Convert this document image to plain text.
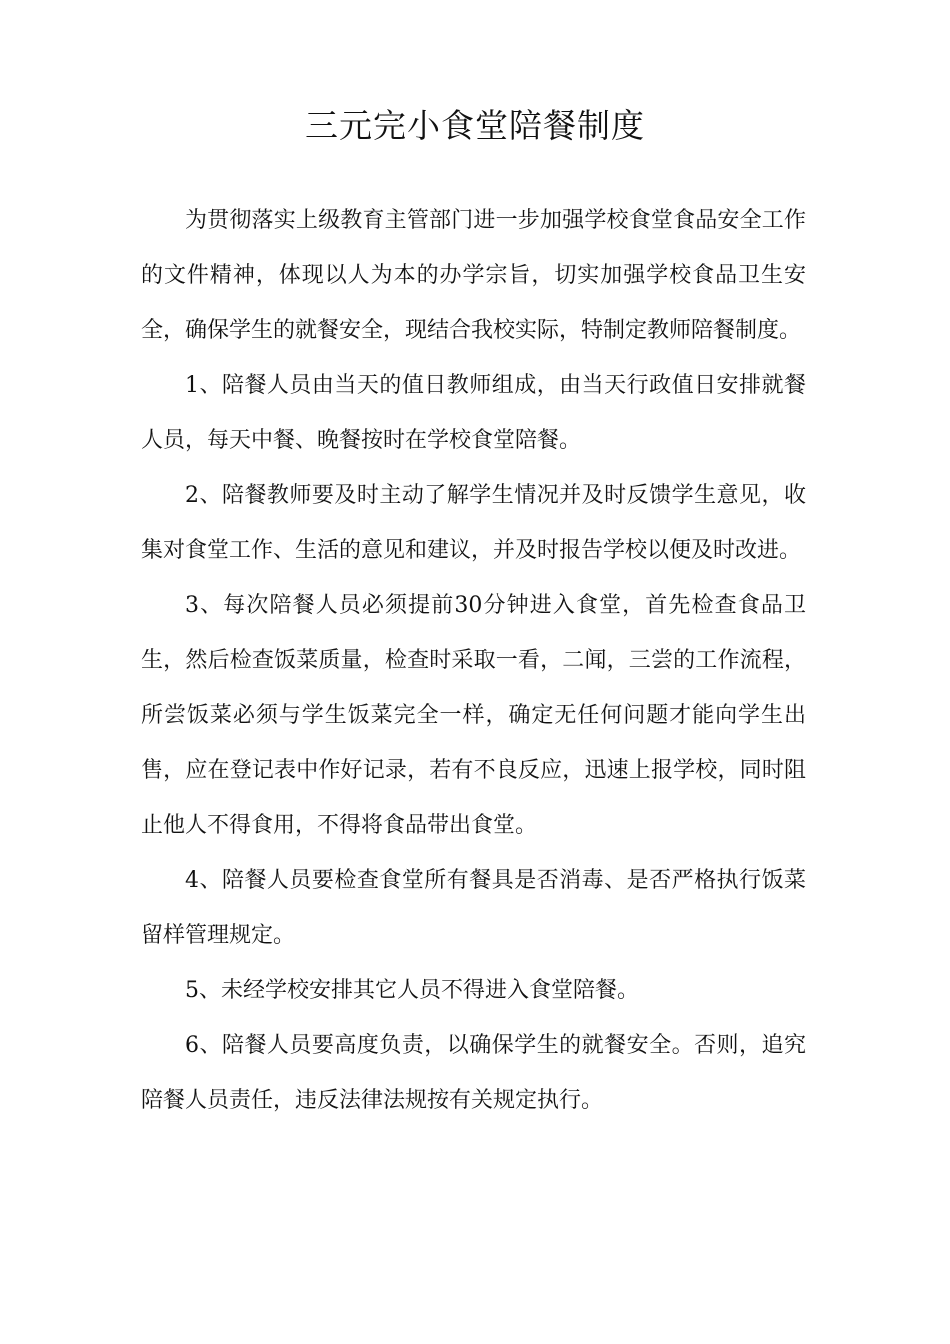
三元完小食堂陪餐制度

为贯彻落实上级教育主管部门进一步加强学校食堂食品安全工作的文件精神，体现以人为本的办学宗旨，切实加强学校食品卫生安全，确保学生的就餐安全，现结合我校实际，特制定教师陪餐制度。

1、陪餐人员由当天的值日教师组成，由当天行政值日安排就餐人员，每天中餐、晚餐按时在学校食堂陪餐。

2、陪餐教师要及时主动了解学生情况并及时反馈学生意见，收集对食堂工作、生活的意见和建议，并及时报告学校以便及时改进。

3、每次陪餐人员必须提前30分钟进入食堂，首先检查食品卫生，然后检查饭菜质量，检查时采取一看，二闻，三尝的工作流程，所尝饭菜必须与学生饭菜完全一样，确定无任何问题才能向学生出售，应在登记表中作好记录，若有不良反应，迅速上报学校，同时阻止他人不得食用，不得将食品带出食堂。

4、陪餐人员要检查食堂所有餐具是否消毒、是否严格执行饭菜留样管理规定。

5、未经学校安排其它人员不得进入食堂陪餐。

6、陪餐人员要高度负责，以确保学生的就餐安全。否则，追究陪餐人员责任，违反法律法规按有关规定执行。
